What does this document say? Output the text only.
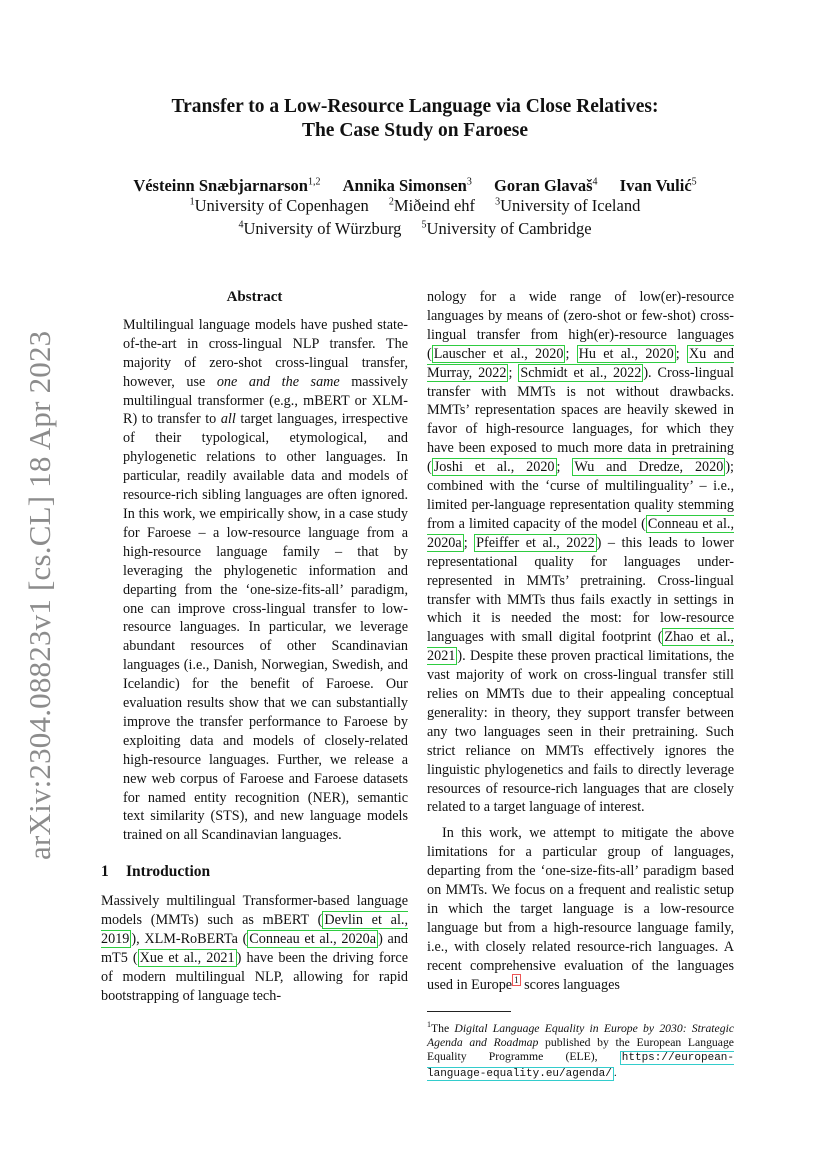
arXiv:2304.08823v1 [cs.CL] 18 Apr 2023
Transfer to a Low-Resource Language via Close Relatives:
The Case Study on Faroese
Vésteinn Snæbjarnarson$^{1,2}$ Annika Simonsen$^3$ Goran Glavaš$^4$ Ivan Vulić$^5$
$^1$University of Copenhagen $^2$Miðeind ehf $^3$University of Iceland
$^4$University of Würzburg $^5$University of Cambridge
Abstract
Multilingual language models have pushed state-of-the-art in cross-lingual NLP transfer. The majority of zero-shot cross-lingual transfer, however, use one and the same massively multilingual transformer (e.g., mBERT or XLM-R) to transfer to all target languages, irrespective of their typological, etymological, and phylogenetic relations to other languages. In particular, readily available data and models of resource-rich sibling languages are often ignored. In this work, we empirically show, in a case study for Faroese – a low-resource language from a high-resource language family – that by leveraging the phylogenetic information and departing from the ‘one-size-fits-all’ paradigm, one can improve cross-lingual transfer to low-resource languages. In particular, we leverage abundant resources of other Scandinavian languages (i.e., Danish, Norwegian, Swedish, and Icelandic) for the benefit of Faroese. Our evaluation results show that we can substantially improve the transfer performance to Faroese by exploiting data and models of closely-related high-resource languages. Further, we release a new web corpus of Faroese and Faroese datasets for named entity recognition (NER), semantic text similarity (STS), and new language models trained on all Scandinavian languages.
1 Introduction

Massively multilingual Transformer-based language models (MMTs) such as mBERT ( Devlin et al., 2019 ), XLM-RoBERTa ( Conneau et al., 2020a ) and mT5 ( Xue et al., 2021 ) have been the driving force of modern multilingual NLP, allowing for rapid bootstrapping of language tech-

nology for a wide range of low(er)-resource languages by means of (zero-shot or few-shot) cross-lingual transfer from high(er)-resource languages ( Lauscher et al., 2020 ; Hu et al., 2020 ; Xu and Murray, 2022 ; Schmidt et al., 2022 ). Cross-lingual transfer with MMTs is not without drawbacks. MMTs’ representation spaces are heavily skewed in favor of high-resource languages, for which they have been exposed to much more data in pretraining ( Joshi et al., 2020 ; Wu and Dredze, 2020 ); combined with the ‘curse of multilinguality’ – i.e., limited per-language representation quality stemming from a limited capacity of the model ( Conneau et al., 2020a ; Pfeiffer et al., 2022 ) – this leads to lower representational quality for languages under-represented in MMTs’ pretraining. Cross-lingual transfer with MMTs thus fails exactly in settings in which it is needed the most: for low-resource languages with small digital footprint ( Zhao et al., 2021 ). Despite these proven practical limitations, the vast majority of work on cross-lingual transfer still relies on MMTs due to their appealing conceptual generality: in theory, they support transfer between any two languages seen in their pretraining. Such strict reliance on MMTs effectively ignores the linguistic phylogenetics and fails to directly leverage resources of resource-rich languages that are closely related to a target language of interest.

In this work, we attempt to mitigate the above limitations for a particular group of languages, departing from the ‘one-size-fits-all’ paradigm based on MMTs. We focus on a frequent and realistic setup in which the target language is a low-resource language but from a high-resource language family, i.e., with closely related resource-rich languages. A recent comprehensive evaluation of the languages used in Europe $^1$ scores languages

$^1$The Digital Language Equality in Europe by 2030: Strategic Agenda and Roadmap published by the European Language Equality Programme (ELE), https://european-language-equality.eu/agenda/ .
